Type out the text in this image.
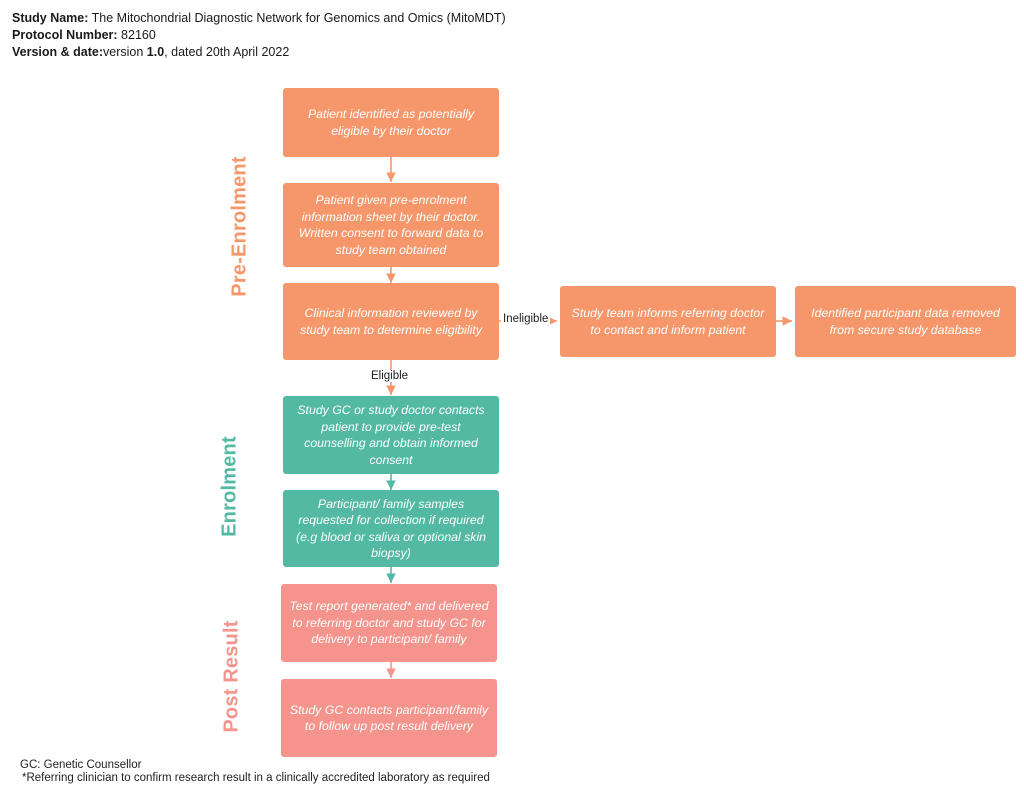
Study Name: The Mitochondrial Diagnostic Network for Genomics and Omics (MitoMDT)
Protocol Number: 82160
Version & date:version 1.0, dated 20th April 2022
Pre-Enrolment
Enrolment
Post Result
Patient identified as potentially eligible by their doctor
Patient given pre-enrolment information sheet by their doctor. Written consent to forward data to study team obtained
Clinical information reviewed by study team to determine eligibility
Study team informs referring doctor to contact and inform patient
Identified participant data removed from secure study database
Study GC or study doctor contacts patient to provide pre-test counselling and obtain informed consent
Participant/ family samples requested for collection if required (e.g blood or saliva or optional skin biopsy)
Test report generated* and delivered to referring doctor and study GC for delivery to participant/ family
Study GC contacts participant/family to follow up post result delivery
Ineligible
Eligible
GC: Genetic Counsellor
*Referring clinician to confirm research result in a clinically accredited laboratory as required
